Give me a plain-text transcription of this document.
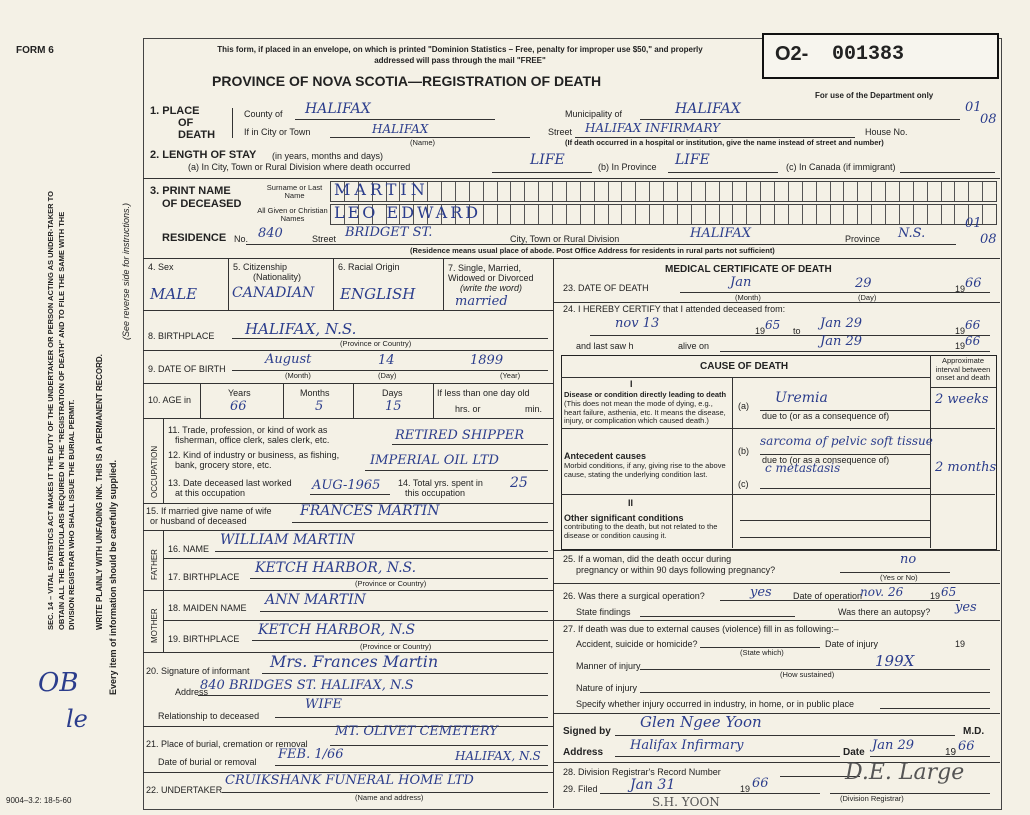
FORM 6
SEC. 14 – VITAL STATISTICS ACT MAKES IT THE DUTY OF THE UNDERTAKER OR PERSON ACTING AS UNDER-TAKER TO OBTAIN ALL THE PARTICULARS REQUIRED IN THE "REGISTRATION OF DEATH" AND TO FILE THE SAME WITH THE DIVISION REGISTRAR WHO SHALL ISSUE THE BURIAL PERMIT.	WRITE PLAINLY WITH UNFADING INK. THIS IS A PERMANENT RECORD. Every item of information should be carefully supplied.
(See reverse side for instructions.)
OB
le
9004–3.2: 18-5-60
This form, if placed in an envelope, on which is printed "Dominion Statistics – Free, penalty for improper use $50," and properly addressed will pass through the mail "FREE"
PROVINCE OF NOVA SCOTIA—REGISTRATION OF DEATH
O2- 001383
For use of the Department only
1. PLACE
OF
DEATH
County of HALIFAX	Municipality of	HALIFAX	01
08
If in City or Town	HALIFAX
(Name)
Street HALIFAX INFIRMARY	House No.
(If death occurred in a hospital or institution, give the name instead of street and number)
2. LENGTH OF STAY (in years, months and days)
(a) In City, Town or Rural Division where death occurred	LIFE	(b) In Province LIFE	(c) In Canada (if immigrant)
3. PRINT NAME
OF DECEASED
Surname or Last Name
All Given or Christian Names
MARTIN
LEO EDWARD
RESIDENCE No. 840	Street BRIDGET ST.	City, Town or Rural Division	HALIFAX	Province N.S.
01
08
(Residence means usual place of abode. Post Office Address for residents in rural parts not sufficient)
4. Sex
MALE
5. Citizenship
(Nationality)
CANADIAN
6. Racial Origin
ENGLISH
7. Single, Married, Widowed or Divorced
(write the word)
married
8. BIRTHPLACE HALIFAX, N.S.
(Province or Country)
9. DATE OF BIRTH
August	14	1899
(Month)	(Day)	(Year)
10. AGE in
Years	Months	Days
66	5	15
If less than one day old
hrs. or	min.
OCCUPATION
11. Trade, profession, or kind of work as
fisherman, office clerk, sales clerk, etc.	RETIRED SHIPPER
12. Kind of industry or business, as fishing,
bank, grocery store, etc.	IMPERIAL OIL LTD
13. Date deceased last worked
at this occupation	AUG-1965 14. Total yrs. spent in
this occupation
25
15. If married give name of wife
or husband of deceased
FRANCES MARTIN
FATHER
16. NAME
WILLIAM MARTIN
17. BIRTHPLACE
KETCH HARBOR, N.S.
(Province or Country)
MOTHER
18. MAIDEN NAME ANN MARTIN
19. BIRTHPLACE
KETCH HARBOR, N.S
(Province or Country)
20. Signature of informant Mrs. Frances Martin
Address
840 BRIDGES ST. HALIFAX, N.S
WIFE
Relationship to deceased
21. Place of burial, cremation or removal
MT. OLIVET CEMETERY
Date of burial or removal FEB. 1/66	HALIFAX, N.S
22. UNDERTAKER
CRUIKSHANK FUNERAL HOME LTD
(Name and address)
MEDICAL CERTIFICATE OF DEATH
23. DATE OF DEATH	Jan	29	19 66
(Month)	(Day)
24. I HEREBY CERTIFY that I attended deceased from:
nov 13	19 65 to Jan 29	19 66
and last saw h	alive on	Jan 29	19 66
CAUSE OF DEATH
Approximate interval between onset and death
I
Disease or condition directly leading to death
(This does not mean the mode of dying, e.g., heart failure, asthenia, etc. It means the disease, injury, or complication which caused death.)
(a) Uremia	2 weeks
due to (or as a consequence of)
Antecedent causes
Morbid conditions, if any, giving rise to the above cause, stating the underlying condition last.
(b)
sarcoma of pelvic soft tissue
due to (or as a consequence of)
c metastasis	2 months
(c)
II
Other significant conditions
contributing to the death, but not related to the disease or condition causing it.
25. If a woman, did the death occur during
pregnancy or within 90 days following pregnancy?
no
(Yes or No)
26. Was there a surgical operation?	yes Date of operation
nov. 26	19 65
State findings	Was there an autopsy? yes
27. If death was due to external causes (violence) fill in as following:–
Accident, suicide or homicide?
(State which)
Date of injury	19
Manner of injury	199X
(How sustained)
Nature of injury
Specify whether injury occurred in industry, in home, or in public place
Signed by
Glen Ngee Yoon
M.D.
Address Halifax Infirmary	Date Jan 29	19 66
28. Division Registrar's Record Number
29. Filed Jan 31	19 66	D.E. Large
(Division Registrar)
S.H. YOON
